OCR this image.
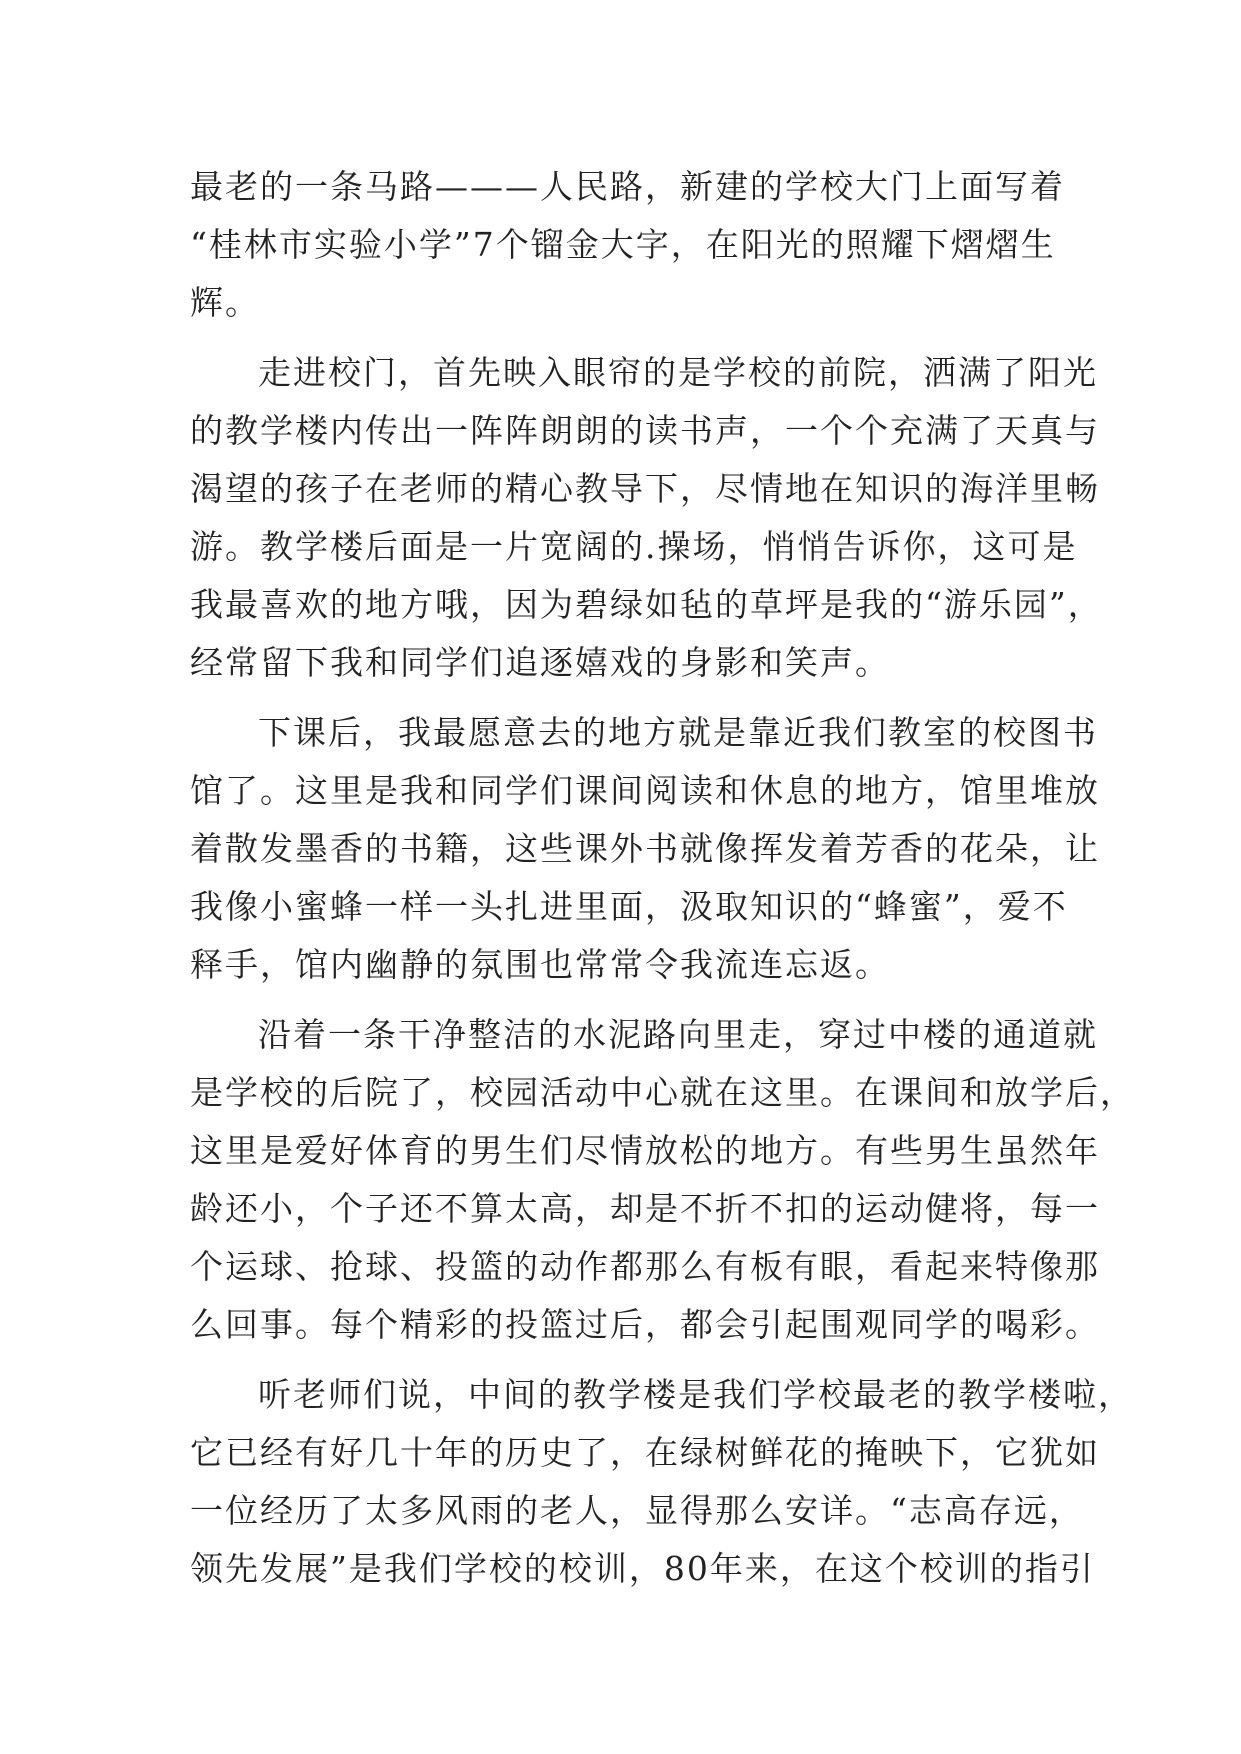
最老的一条马路———人民路，新建的学校大门上面写着
“桂林市实验小学”7个镏金大字，在阳光的照耀下熠熠生
辉。
走进校门，首先映入眼帘的是学校的前院，洒满了阳光
的教学楼内传出一阵阵朗朗的读书声，一个个充满了天真与
渴望的孩子在老师的精心教导下，尽情地在知识的海洋里畅
游。教学楼后面是一片宽阔的.操场，悄悄告诉你，这可是
我最喜欢的地方哦，因为碧绿如毡的草坪是我的“游乐园”，
经常留下我和同学们追逐嬉戏的身影和笑声。
下课后，我最愿意去的地方就是靠近我们教室的校图书
馆了。这里是我和同学们课间阅读和休息的地方，馆里堆放
着散发墨香的书籍，这些课外书就像挥发着芳香的花朵，让
我像小蜜蜂一样一头扎进里面，汲取知识的“蜂蜜”，爱不
释手，馆内幽静的氛围也常常令我流连忘返。
沿着一条干净整洁的水泥路向里走，穿过中楼的通道就
是学校的后院了，校园活动中心就在这里。在课间和放学后，
这里是爱好体育的男生们尽情放松的地方。有些男生虽然年
龄还小，个子还不算太高，却是不折不扣的运动健将，每一
个运球、抢球、投篮的动作都那么有板有眼，看起来特像那
么回事。每个精彩的投篮过后，都会引起围观同学的喝彩。
听老师们说，中间的教学楼是我们学校最老的教学楼啦，
它已经有好几十年的历史了，在绿树鲜花的掩映下，它犹如
一位经历了太多风雨的老人，显得那么安详。“志高存远，
领先发展”是我们学校的校训，80年来，在这个校训的指引
